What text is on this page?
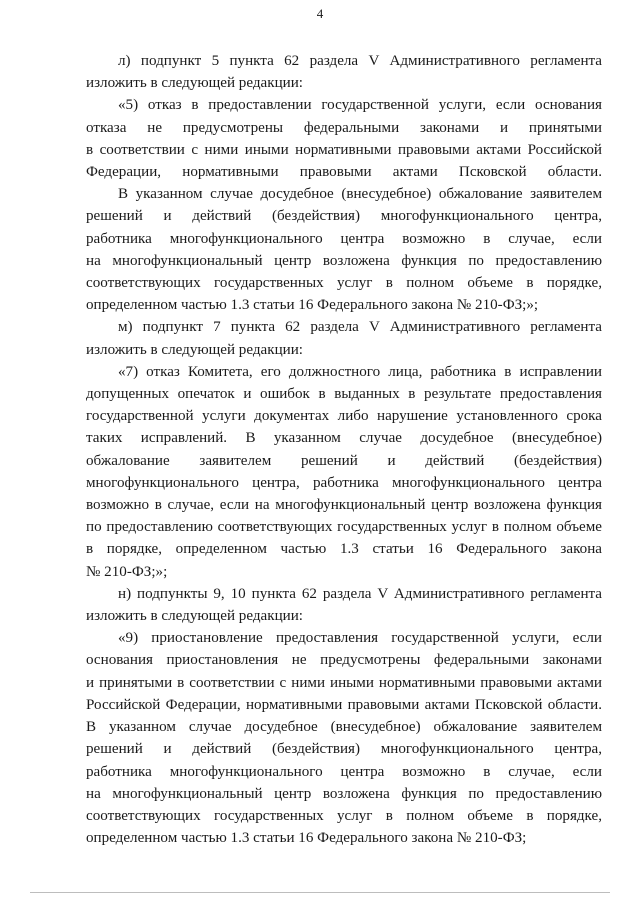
4

л) подпункт 5 пункта 62 раздела V Административного регламента
изложить в следующей редакции:

«5) отказ в предоставлении государственной услуги, если основания
отказа не предусмотрены федеральными законами и принятыми
в соответствии с ними иными нормативными правовыми актами Российской
Федерации, нормативными правовыми актами Псковской области.
В указанном случае досудебное (внесудебное) обжалование заявителем
решений и действий (бездействия) многофункционального центра,
работника многофункционального центра возможно в случае, если
на многофункциональный центр возложена функция по предоставлению
соответствующих государственных услуг в полном объеме в порядке,
определенном частью 1.3 статьи 16 Федерального закона № 210-ФЗ;»;

м) подпункт 7 пункта 62 раздела V Административного регламента
изложить в следующей редакции:

«7) отказ Комитета, его должностного лица, работника в исправлении
допущенных опечаток и ошибок в выданных в результате предоставления
государственной услуги документах либо нарушение установленного срока
таких исправлений. В указанном случае досудебное (внесудебное)
обжалование заявителем решений и действий (бездействия)
многофункционального центра, работника многофункционального центра
возможно в случае, если на многофункциональный центр возложена функция
по предоставлению соответствующих государственных услуг в полном объеме
в порядке, определенном частью 1.3 статьи 16 Федерального закона
№ 210-ФЗ;»;

н) подпункты 9, 10 пункта 62 раздела V Административного регламента
изложить в следующей редакции:

«9) приостановление предоставления государственной услуги, если
основания приостановления не предусмотрены федеральными законами
и принятыми в соответствии с ними иными нормативными правовыми актами
Российской Федерации, нормативными правовыми актами Псковской области.
В указанном случае досудебное (внесудебное) обжалование заявителем
решений и действий (бездействия) многофункционального центра,
работника многофункционального центра возможно в случае, если
на многофункциональный центр возложена функция по предоставлению
соответствующих государственных услуг в полном объеме в порядке,
определенном частью 1.3 статьи 16 Федерального закона № 210-ФЗ;
